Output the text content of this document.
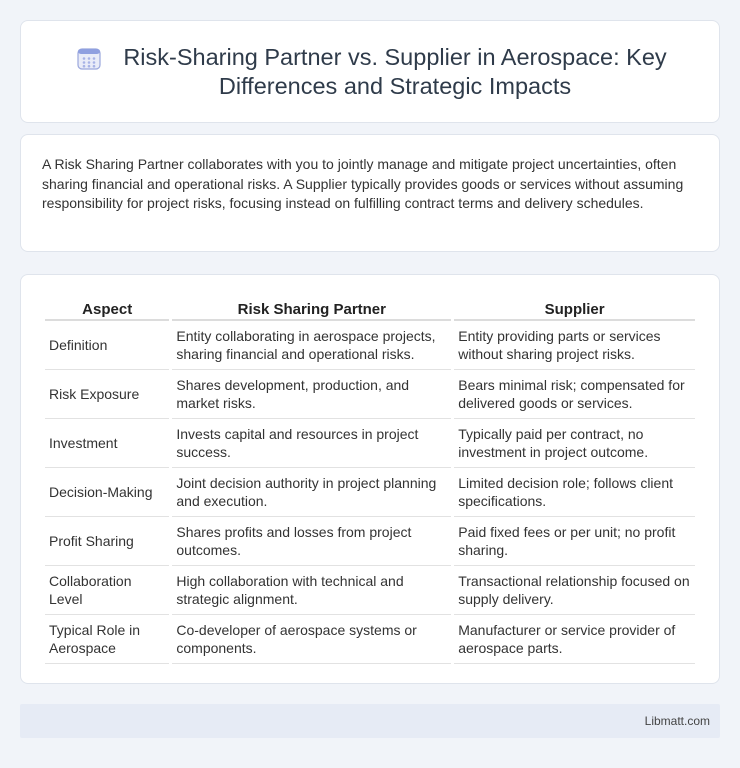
Risk-Sharing Partner vs. Supplier in Aerospace: Key Differences and Strategic Impacts

A Risk Sharing Partner collaborates with you to jointly manage and mitigate project uncertainties, often sharing financial and operational risks. A Supplier typically provides goods or services without assuming responsibility for project risks, focusing instead on fulfilling contract terms and delivery schedules.

Aspect	Risk Sharing Partner	Supplier
Definition	Entity collaborating in aerospace projects, sharing financial and operational risks.	Entity providing parts or services without sharing project risks.
Risk Exposure	Shares development, production, and market risks.	Bears minimal risk; compensated for delivered goods or services.
Investment	Invests capital and resources in project success.	Typically paid per contract, no investment in project outcome.
Decision-Making	Joint decision authority in project planning and execution.	Limited decision role; follows client specifications.
Profit Sharing	Shares profits and losses from project outcomes.	Paid fixed fees or per unit; no profit sharing.
Collaboration Level	High collaboration with technical and strategic alignment.	Transactional relationship focused on supply delivery.
Typical Role in Aerospace	Co-developer of aerospace systems or components.	Manufacturer or service provider of aerospace parts.
Libmatt.com
